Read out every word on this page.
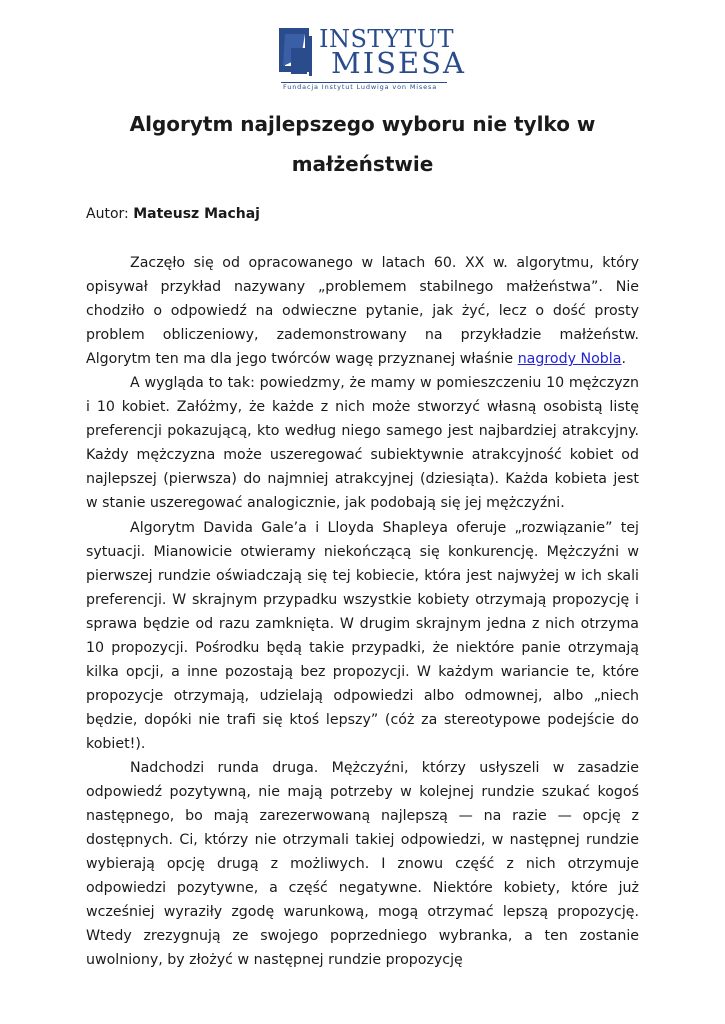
INSTYTUT
MISESA
Fundacja Instytut Ludwiga von Misesa
Algorytm najlepszego wyboru nie tylko w małżeństwie
Autor: Mateusz Machaj

Zaczęło się od opracowanego w latach 60. XX w. algorytmu, który opisywał przykład nazywany „problemem stabilnego małżeństwa”. Nie chodziło o odpowiedź na odwieczne pytanie, jak żyć, lecz o dość prosty problem obliczeniowy, zademonstrowany na przykładzie małżeństw. Algorytm ten ma dla jego twórców wagę przyznanej właśnie nagrody Nobla.

A wygląda to tak: powiedzmy, że mamy w pomieszczeniu 10 mężczyzn i 10 kobiet. Załóżmy, że każde z nich może stworzyć własną osobistą listę preferencji pokazującą, kto według niego samego jest najbardziej atrakcyjny. Każdy mężczyzna może uszeregować subiektywnie atrakcyjność kobiet od najlepszej (pierwsza) do najmniej atrakcyjnej (dziesiąta). Każda kobieta jest w stanie uszeregować analogicznie, jak podobają się jej mężczyźni.

Algorytm Davida Gale’a i Lloyda Shapleya oferuje „rozwiązanie” tej sytuacji. Mianowicie otwieramy niekończącą się konkurencję. Mężczyźni w pierwszej rundzie oświadczają się tej kobiecie, która jest najwyżej w ich skali preferencji. W skrajnym przypadku wszystkie kobiety otrzymają propozycję i sprawa będzie od razu zamknięta. W drugim skrajnym jedna z nich otrzyma 10 propozycji. Pośrodku będą takie przypadki, że niektóre panie otrzymają kilka opcji, a inne pozostają bez propozycji. W każdym wariancie te, które propozycje otrzymają, udzielają odpowiedzi albo odmownej, albo „niech będzie, dopóki nie trafi się ktoś lepszy” (cóż za stereotypowe podejście do kobiet!).

Nadchodzi runda druga. Mężczyźni, którzy usłyszeli w zasadzie odpowiedź pozytywną, nie mają potrzeby w kolejnej rundzie szukać kogoś następnego, bo mają zarezerwowaną najlepszą — na razie — opcję z dostępnych. Ci, którzy nie otrzymali takiej odpowiedzi, w następnej rundzie wybierają opcję drugą z możliwych. I znowu część z nich otrzymuje odpowiedzi pozytywne, a część negatywne. Niektóre kobiety, które już wcześniej wyraziły zgodę warunkową, mogą otrzymać lepszą propozycję. Wtedy zrezygnują ze swojego poprzedniego wybranka, a ten zostanie uwolniony, by złożyć w następnej rundzie propozycję
